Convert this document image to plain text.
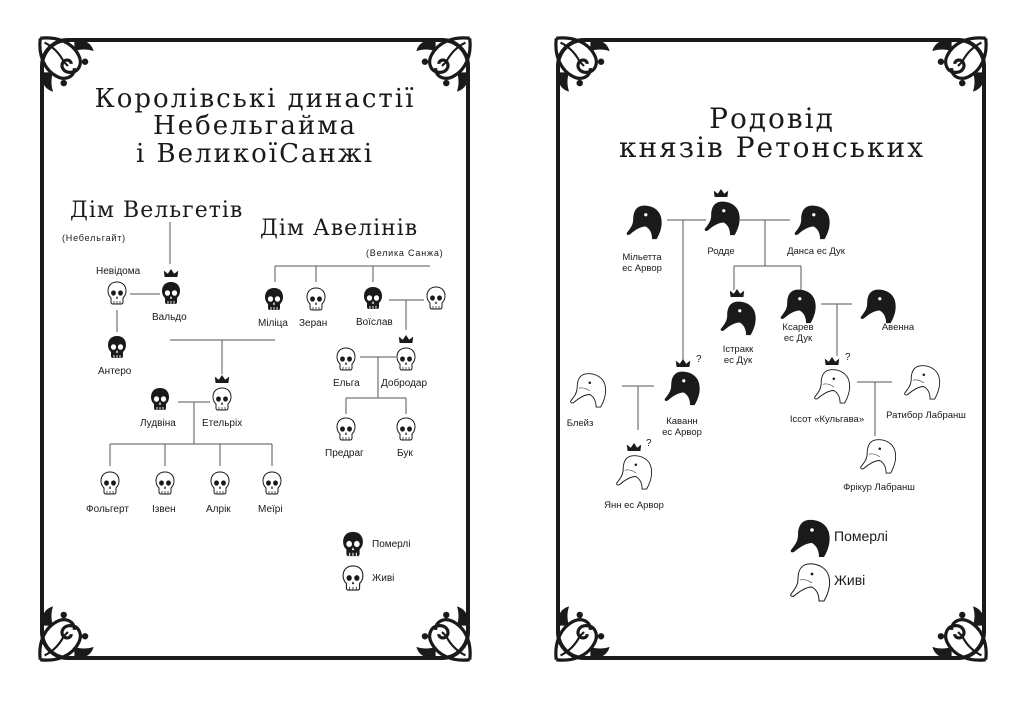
Королівські династії
Небельгайма
і ВеликоїСанжі
Дім Вельгетів
(Небельгайт)	Дім Авелінів
(Велика Санжа)
Невідома
Вальдо
Міліца Зеран	Воїслав
Антеро
Ельга Добродар
Лудвіна	Етельріх
Предраг	Бук
Фольгерт Ізвен	Алрік	Меїрі
Померлі
Живі
Родовід
князів Ретонських
Мільетта
ес Арвор
Родде	Данса ес Дук
Істракк
ес Дук
Ксарев
ес Дук
Авенна
Блейз
?
Каванн
ес Арвор
?
Іссот «Кульгава»	Ратибор Лабранш
Фрікур Лабранш
?
Янн ес Арвор
Померлі
Живі
